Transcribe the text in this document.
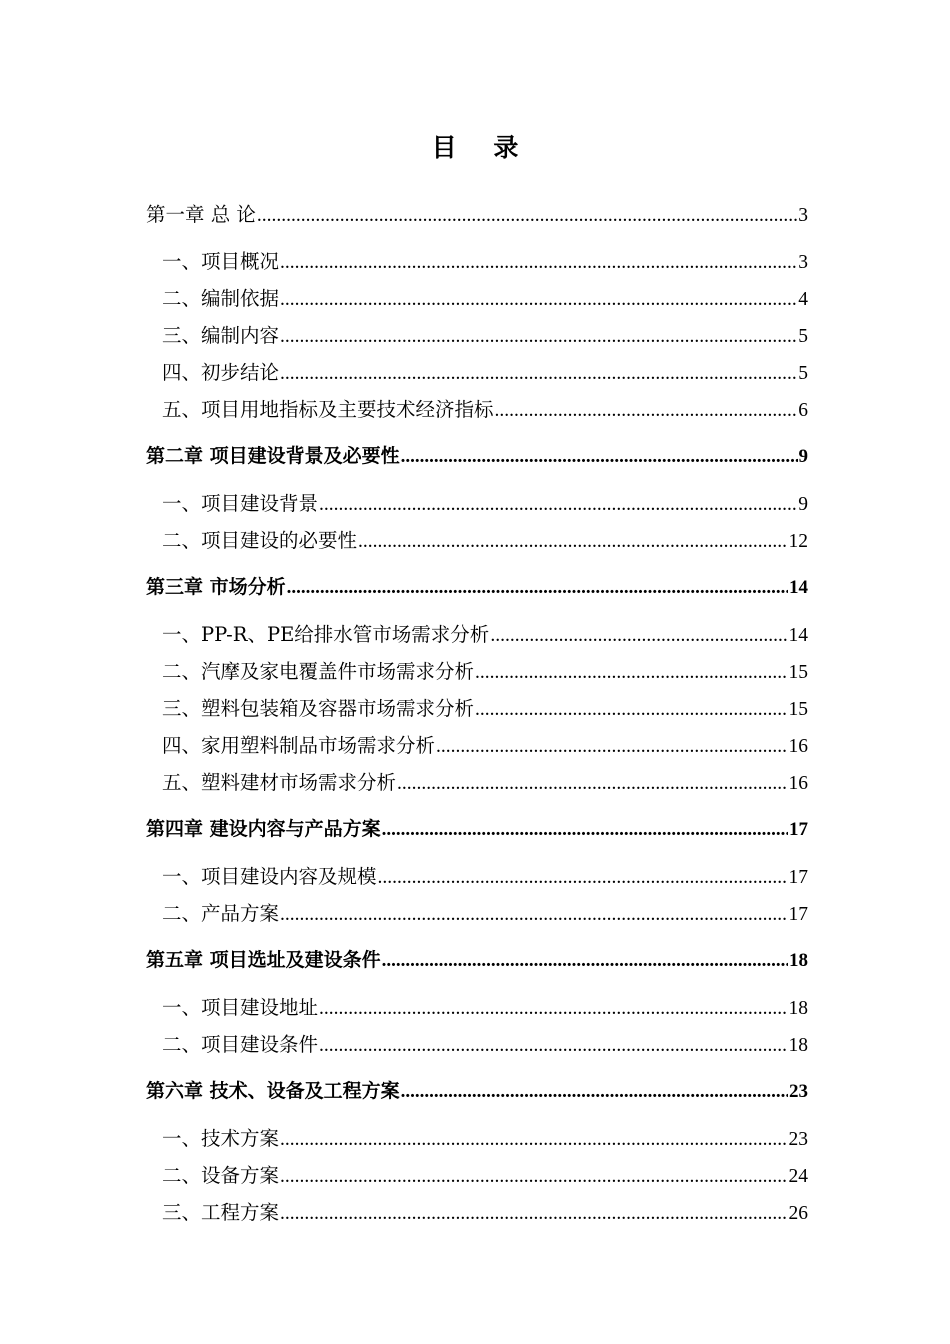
目 录
第一章 总 论 .....	3
一、项目概况 .....	3
二、编制依据 .....	4
三、编制内容 .....	5
四、初步结论 .....	5
五、项目用地指标及主要技术经济指标 .....	6
第二章 项目建设背景及必要性 .....	9
一、项目建设背景 .....	9
二、项目建设的必要性 .....	12
第三章 市场分析 .....	14
一、PP-R、PE给排水管市场需求分析 .....	14
二、汽摩及家电覆盖件市场需求分析 .....	15
三、塑料包装箱及容器市场需求分析 .....	15
四、家用塑料制品市场需求分析 .....	16
五、塑料建材市场需求分析 .....	16
第四章 建设内容与产品方案 .....	17
一、项目建设内容及规模 .....	17
二、产品方案 .....	17
第五章 项目选址及建设条件 .....	18
一、项目建设地址 .....	18
二、项目建设条件 .....	18
第六章 技术、设备及工程方案 .....	23
一、技术方案 .....	23
二、设备方案 .....	24
三、工程方案 .....	26
